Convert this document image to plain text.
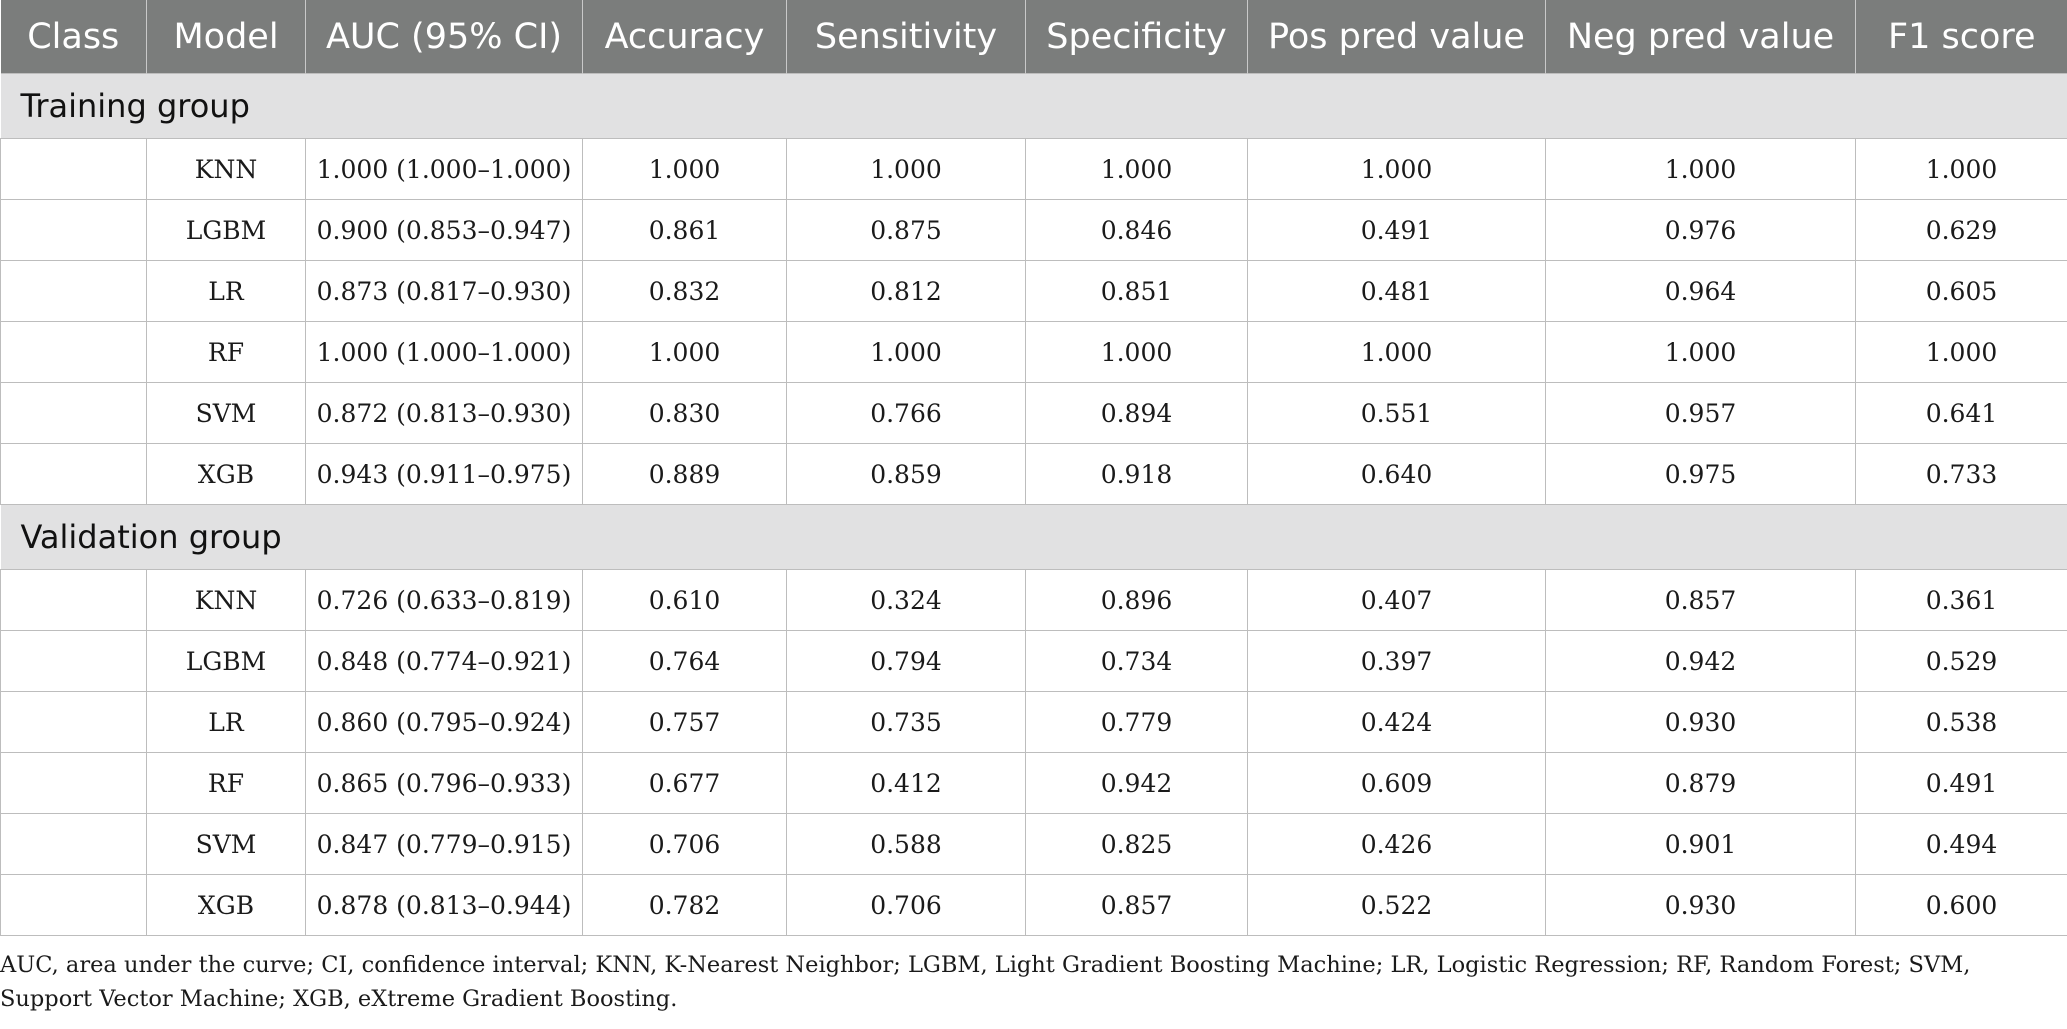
Class	Model	AUC (95% CI)	Accuracy	Sensitivity	Specificity	Pos pred value	Neg pred value	F1 score
Training group								
	KNN	1.000 (1.000–1.000)	1.000	1.000	1.000	1.000	1.000	1.000
	LGBM	0.900 (0.853–0.947)	0.861	0.875	0.846	0.491	0.976	0.629
	LR	0.873 (0.817–0.930)	0.832	0.812	0.851	0.481	0.964	0.605
	RF	1.000 (1.000–1.000)	1.000	1.000	1.000	1.000	1.000	1.000
	SVM	0.872 (0.813–0.930)	0.830	0.766	0.894	0.551	0.957	0.641
	XGB	0.943 (0.911–0.975)	0.889	0.859	0.918	0.640	0.975	0.733
Validation group								
	KNN	0.726 (0.633–0.819)	0.610	0.324	0.896	0.407	0.857	0.361
	LGBM	0.848 (0.774–0.921)	0.764	0.794	0.734	0.397	0.942	0.529
	LR	0.860 (0.795–0.924)	0.757	0.735	0.779	0.424	0.930	0.538
	RF	0.865 (0.796–0.933)	0.677	0.412	0.942	0.609	0.879	0.491
	SVM	0.847 (0.779–0.915)	0.706	0.588	0.825	0.426	0.901	0.494
	XGB	0.878 (0.813–0.944)	0.782	0.706	0.857	0.522	0.930	0.600

AUC, area under the curve; CI, confidence interval; KNN, K-Nearest Neighbor; LGBM, Light Gradient Boosting Machine; LR, Logistic Regression; RF, Random Forest; SVM, Support Vector Machine; XGB, eXtreme Gradient Boosting.
